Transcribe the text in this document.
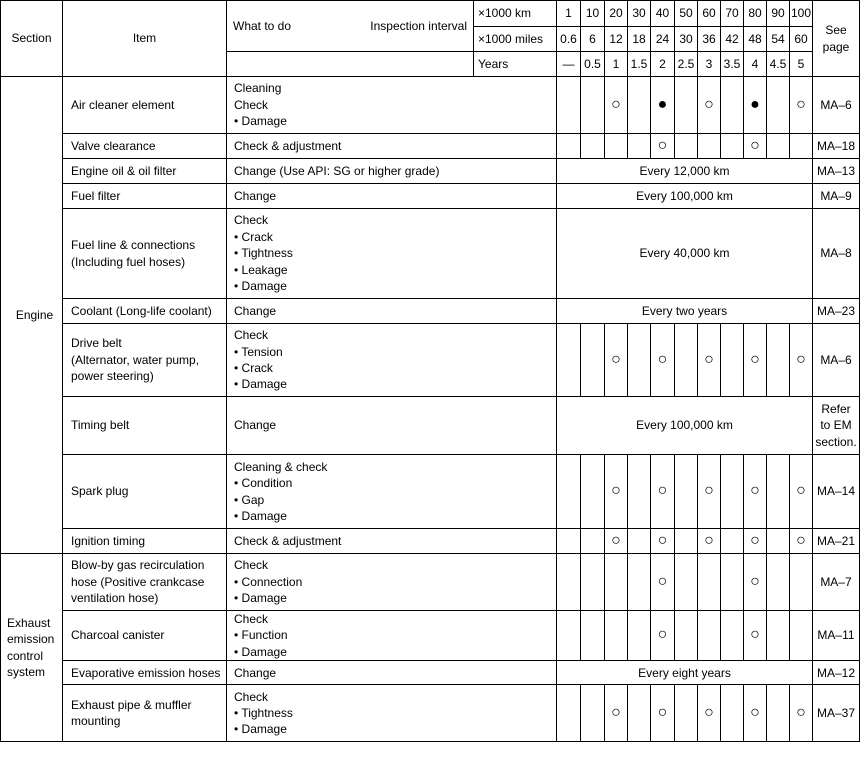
Section	Item	What to do Inspection interval	×1000 km	1	10	20	30	40	50	60	70	80	90	100	See
page

			×1000 miles	0.6	6	12	18	24	30	36	42	48	54	60	
			Years	—	0.5	1	1.5	2	2.5	3	3.5	4	4.5	5	

Engine	Air cleaner element	Cleaning
Check
• Damage				○		●		○		●		○	MA–6

	Valve clearance	Check & adjustment						○				○			MA–18

	Engine oil & oil filter	Change (Use API: SG or higher grade)		Every 12,000 km											MA–13

	Fuel filter	Change		Every 100,000 km											MA–9

	Fuel line & connections
(Including fuel hoses)	Check
• Crack
• Tightness
• Leakage
• Damage		Every 40,000 km											MA–8

	Coolant (Long-life coolant)	Change		Every two years											MA–23

	Drive belt
(Alternator, water pump,
power steering)	Check
• Tension
• Crack
• Damage				○		○		○		○		○	MA–6

	Timing belt	Change		Every 100,000 km											Refer
to EM
section.

	Spark plug	Cleaning & check
• Condition
• Gap
• Damage				○		○		○		○		○	MA–14

	Ignition timing	Check & adjustment				○		○		○		○		○	MA–21

Exhaust
emission
control
system	Blow-by gas recirculation
hose (Positive crankcase
ventilation hose)	Check
• Connection
• Damage						○				○			MA–7

	Charcoal canister	Check
• Function
• Damage						○				○			MA–11

	Evaporative emission hoses	Change		Every eight years											MA–12

	Exhaust pipe & muffler
mounting	Check
• Tightness
• Damage				○		○		○		○		○	MA–37
